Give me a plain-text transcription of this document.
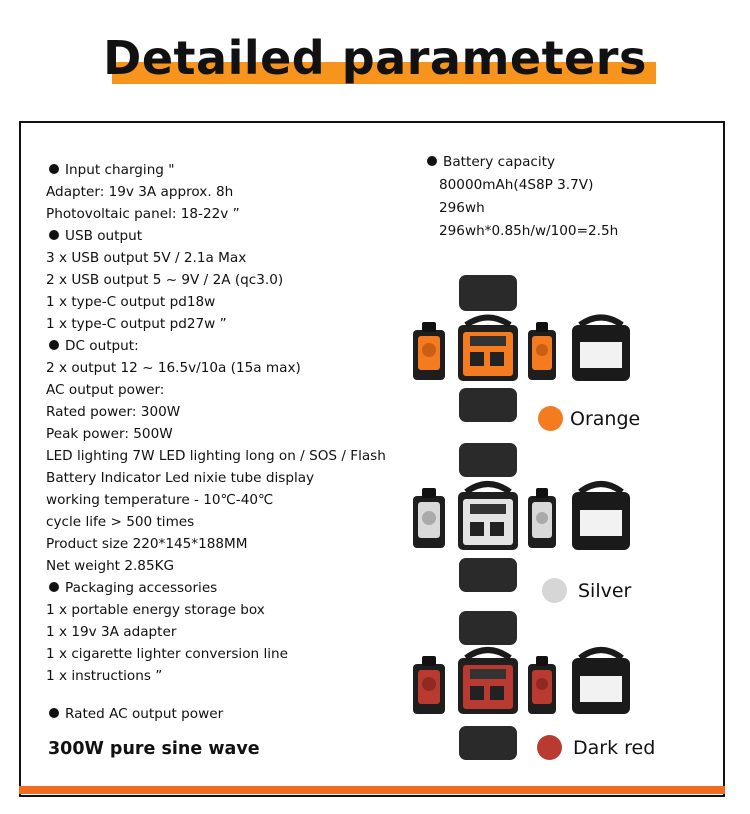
Detailed parameters
Input charging "
Adapter: 19v 3A approx. 8h
Photovoltaic panel: 18-22v ”
USB output
3 x USB output 5V / 2.1a Max
2 x USB output 5 ~ 9V / 2A (qc3.0)
1 x type-C output pd18w
1 x type-C output pd27w ”
DC output:
2 x output 12 ~ 16.5v/10a (15a max)
AC output power:
Rated power: 300W
Peak power: 500W
LED lighting 7W LED lighting long on / SOS / Flash
Battery Indicator Led nixie tube display
working temperature - 10℃-40℃
cycle life > 500 times
Product size 220*145*188MM
Net weight 2.85KG
Packaging accessories
1 x portable energy storage box
1 x 19v 3A adapter
1 x cigarette lighter conversion line
1 x instructions ”
Rated AC output power
300W pure sine wave
Battery capacity
80000mAh(4S8P 3.7V)
296wh
296wh*0.85h/w/100=2.5h
Orange
Silver
Dark red
